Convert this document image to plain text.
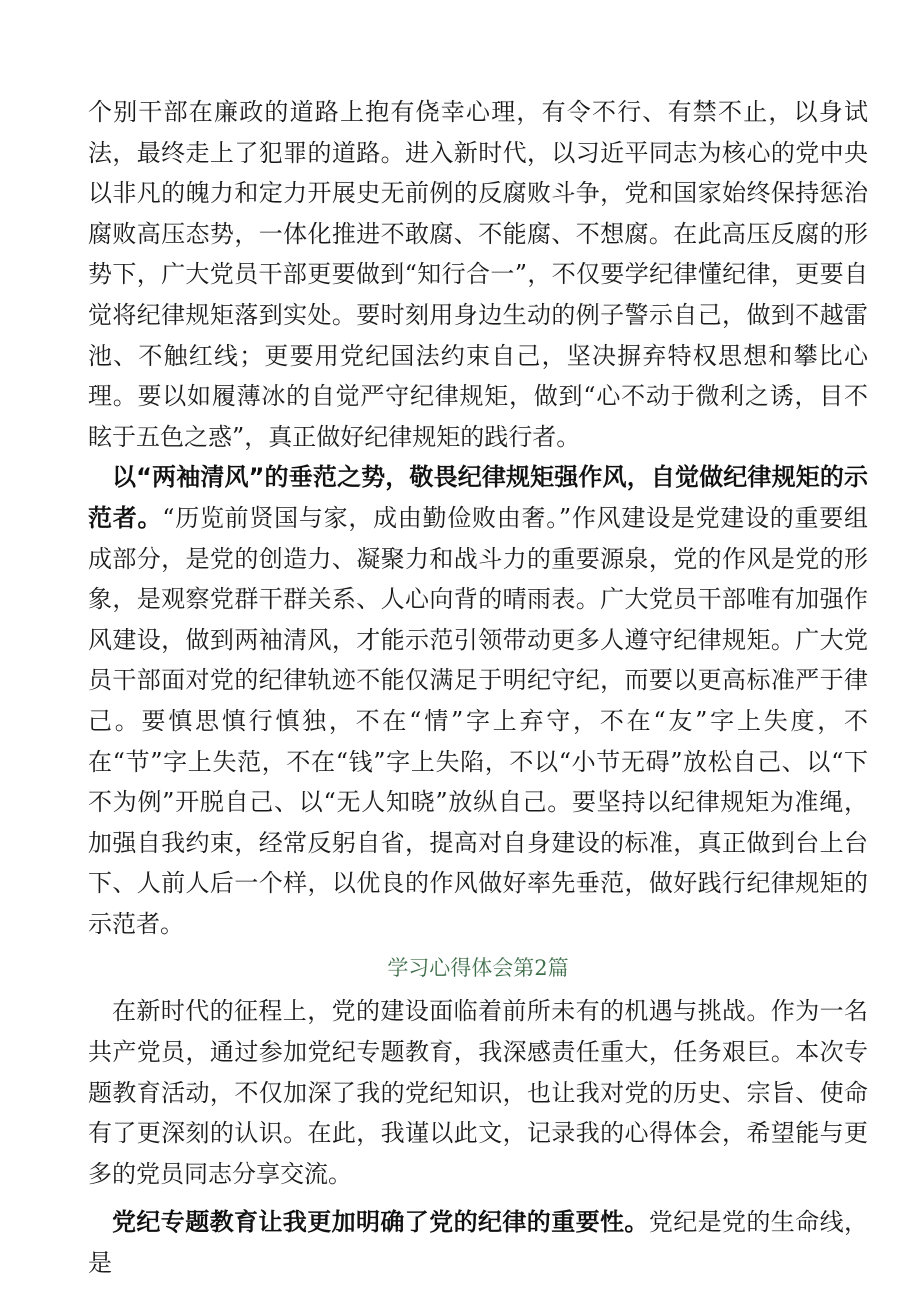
个别干部在廉政的道路上抱有侥幸心理，有令不行、有禁不止，以身试法，最终走上了犯罪的道路。进入新时代，以习近平同志为核心的党中央以非凡的魄力和定力开展史无前例的反腐败斗争，党和国家始终保持惩治腐败高压态势，一体化推进不敢腐、不能腐、不想腐。在此高压反腐的形势下，广大党员干部更要做到“知行合一”，不仅要学纪律懂纪律，更要自觉将纪律规矩落到实处。要时刻用身边生动的例子警示自己，做到不越雷池、不触红线；更要用党纪国法约束自己，坚决摒弃特权思想和攀比心理。要以如履薄冰的自觉严守纪律规矩，做到“心不动于微利之诱，目不眩于五色之惑”，真正做好纪律规矩的践行者。

以“两袖清风”的垂范之势，敬畏纪律规矩强作风，自觉做纪律规矩的示范者。“历览前贤国与家，成由勤俭败由奢。”作风建设是党建设的重要组成部分，是党的创造力、凝聚力和战斗力的重要源泉，党的作风是党的形象，是观察党群干群关系、人心向背的晴雨表。广大党员干部唯有加强作风建设，做到两袖清风，才能示范引领带动更多人遵守纪律规矩。广大党员干部面对党的纪律轨迹不能仅满足于明纪守纪，而要以更高标准严于律己。要慎思慎行慎独，不在“情”字上弃守，不在“友”字上失度，不在“节”字上失范，不在“钱”字上失陷，不以“小节无碍”放松自己、以“下不为例”开脱自己、以“无人知晓”放纵自己。要坚持以纪律规矩为准绳，加强自我约束，经常反躬自省，提高对自身建设的标准，真正做到台上台下、人前人后一个样，以优良的作风做好率先垂范，做好践行纪律规矩的示范者。

学习心得体会第2篇

在新时代的征程上，党的建设面临着前所未有的机遇与挑战。作为一名共产党员，通过参加党纪专题教育，我深感责任重大，任务艰巨。本次专题教育活动，不仅加深了我的党纪知识，也让我对党的历史、宗旨、使命有了更深刻的认识。在此，我谨以此文，记录我的心得体会，希望能与更多的党员同志分享交流。

党纪专题教育让我更加明确了党的纪律的重要性。党纪是党的生命线，是
